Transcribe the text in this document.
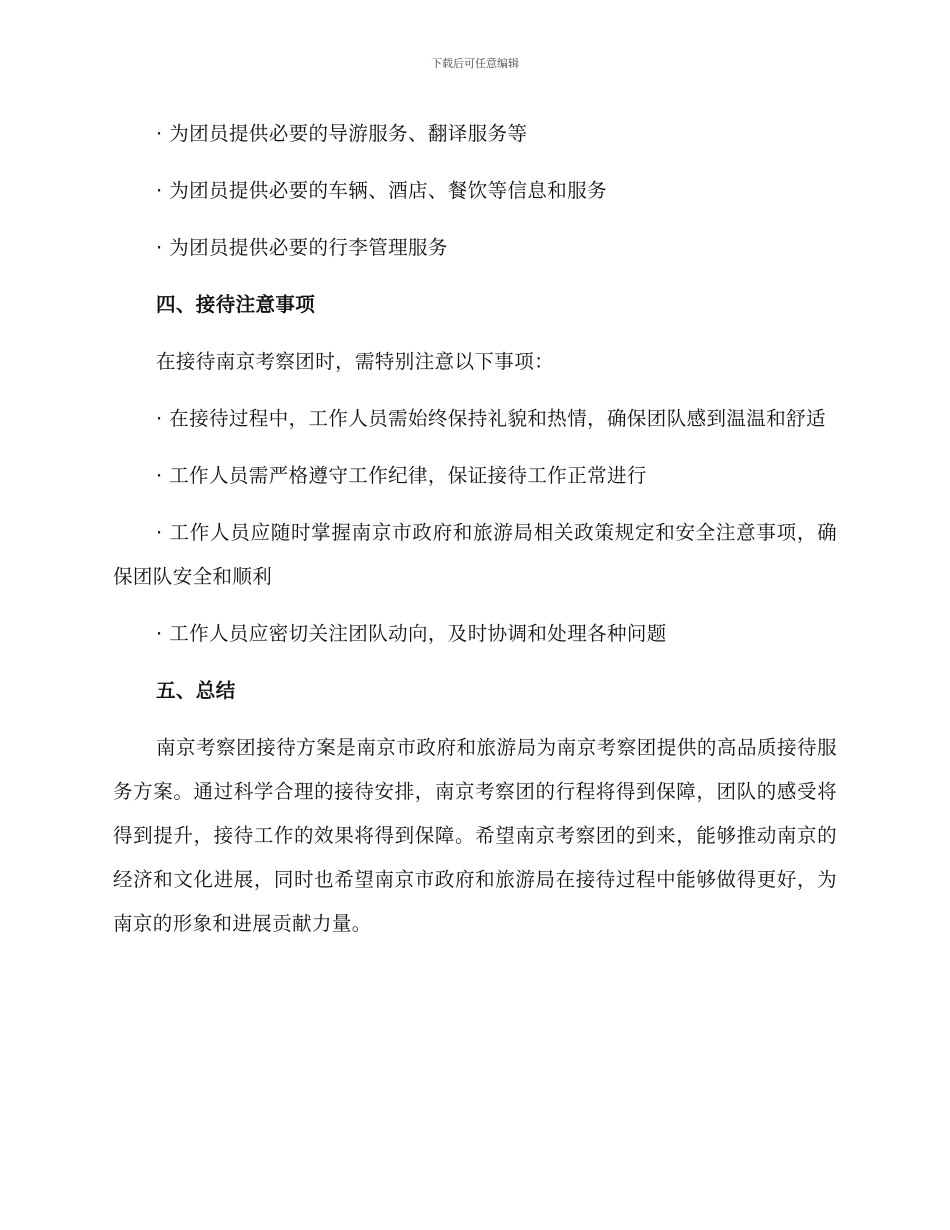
下载后可任意编辑

· 为团员提供必要的导游服务、翻译服务等

· 为团员提供必要的车辆、酒店、餐饮等信息和服务

· 为团员提供必要的行李管理服务

四、接待注意事项

在接待南京考察团时，需特别注意以下事项：

· 在接待过程中，工作人员需始终保持礼貌和热情，确保团队感到温温和舒适

· 工作人员需严格遵守工作纪律，保证接待工作正常进行

· 工作人员应随时掌握南京市政府和旅游局相关政策规定和安全注意事项，确保团队安全和顺利

· 工作人员应密切关注团队动向，及时协调和处理各种问题

五、总结

南京考察团接待方案是南京市政府和旅游局为南京考察团提供的高品质接待服务方案。通过科学合理的接待安排，南京考察团的行程将得到保障，团队的感受将得到提升，接待工作的效果将得到保障。希望南京考察团的到来，能够推动南京的经济和文化进展，同时也希望南京市政府和旅游局在接待过程中能够做得更好，为南京的形象和进展贡献力量。
